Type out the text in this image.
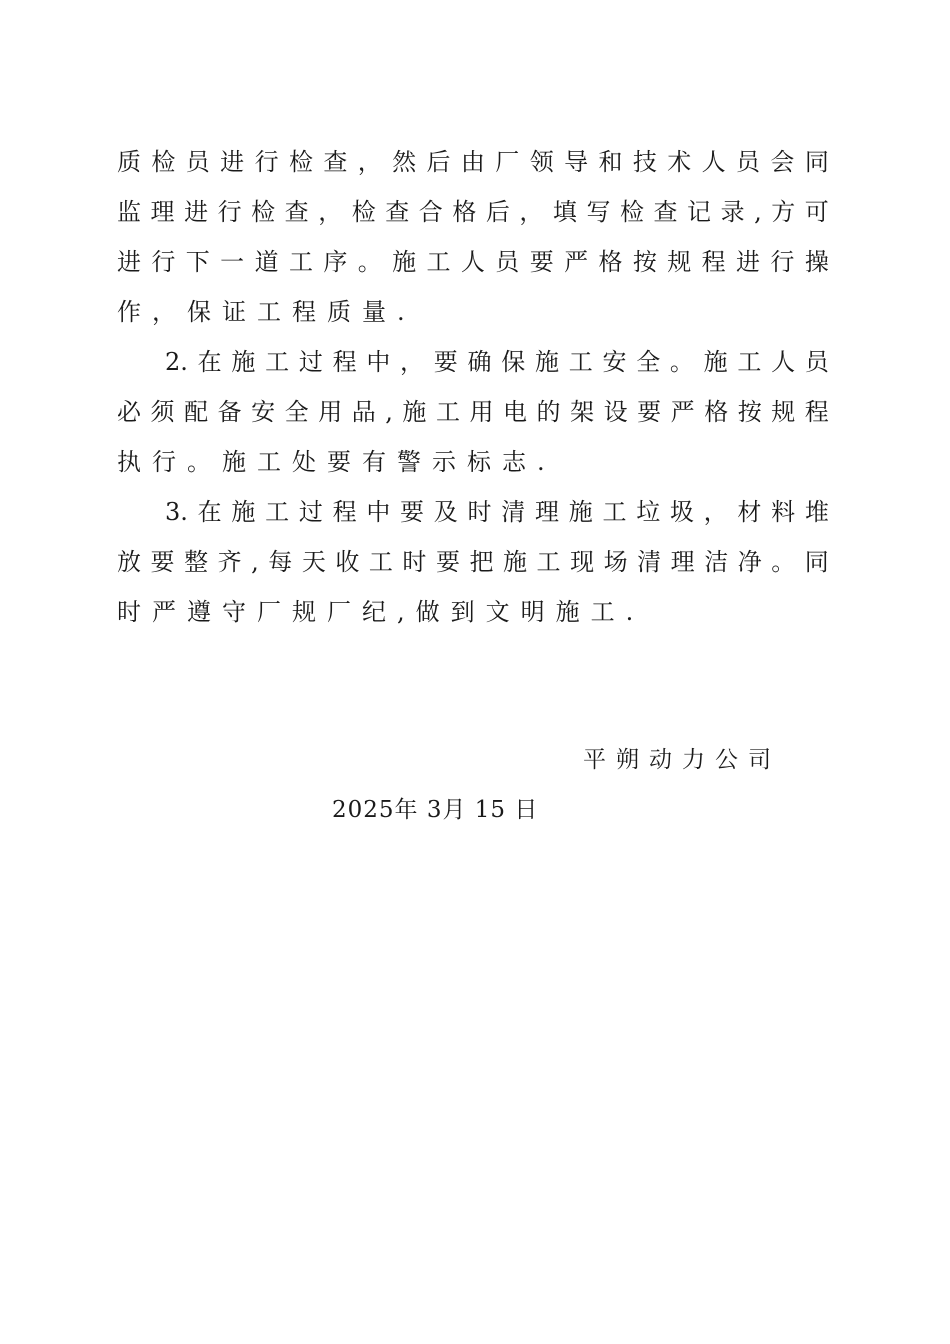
质 检 员 进 行 检 查 ， 然 后 由 厂 领 导 和 技 术 人 员 会 同
监 理 进 行 检 查 ， 检 查 合 格 后 ， 填 写 检 查 记 录 , 方 可
进 行 下 一 道 工 序 。 施 工 人 员 要 严 格 按 规 程 进 行 操
作，保证工程质量.
2. 在 施 工 过 程 中 ， 要 确 保 施 工 安 全 。 施 工 人 员
必 须 配 备 安 全 用 品 , 施 工 用 电 的 架 设 要 严 格 按 规 程
执行。施工处要有警示标志.
3. 在 施 工 过 程 中 要 及 时 清 理 施 工 垃 圾 ， 材 料 堆
放 要 整 齐 , 每 天 收 工 时 要 把 施 工 现 场 清 理 洁 净 。 同
时严遵守厂规厂纪,做到文明施工.
平朔动力公司
2025年 3月 15 日
